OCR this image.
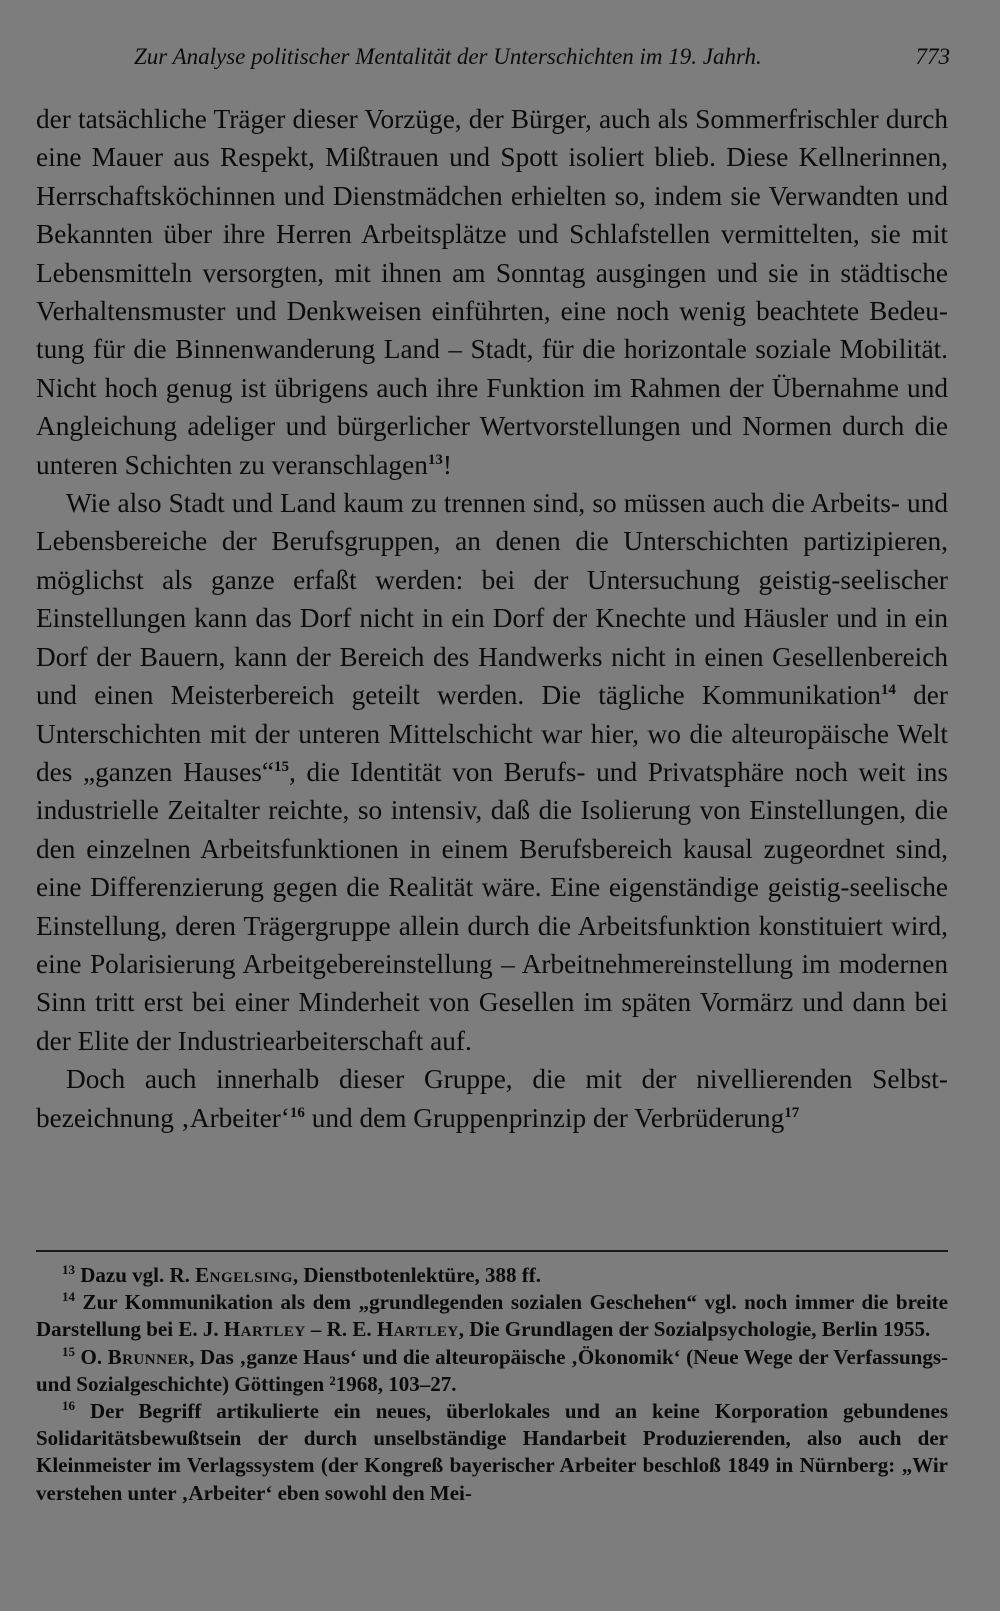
Zur Analyse politischer Mentalität der Unterschichten im 19. Jahrh.	773

der tatsächliche Träger dieser Vorzüge, der Bürger, auch als Sommerfrischler durch eine Mauer aus Respekt, Mißtrauen und Spott isoliert blieb. Diese Kellnerinnen, Herrschaftsköchinnen und Dienstmädchen erhielten so, indem sie Verwandten und Bekannten über ihre Herren Arbeitsplätze und Schlafstellen vermittelten, sie mit Lebensmitteln versorgten, mit ihnen am Sonntag ausgingen und sie in städtische Verhaltensmuster und Denkweisen einführten, eine noch wenig beachtete Bedeutung für die Binnenwanderung Land – Stadt, für die horizontale soziale Mobilität. Nicht hoch genug ist übrigens auch ihre Funktion im Rahmen der Übernahme und Angleichung adeliger und bürgerlicher Wertvorstellungen und Normen durch die unteren Schichten zu veranschlagen$^{13}$!

Wie also Stadt und Land kaum zu trennen sind, so müssen auch die Arbeits- und Lebensbereiche der Berufsgruppen, an denen die Unterschichten partizipieren, möglichst als ganze erfaßt werden: bei der Untersuchung geistig-seelischer Einstellungen kann das Dorf nicht in ein Dorf der Knechte und Häusler und in ein Dorf der Bauern, kann der Bereich des Handwerks nicht in einen Gesellenbereich und einen Meisterbereich geteilt werden. Die tägliche Kommunikation$^{14}$ der Unterschichten mit der unteren Mittelschicht war hier, wo die alteuropäische Welt des „ganzen Hauses“$^{15}$, die Identität von Berufs- und Privatsphäre noch weit ins industrielle Zeitalter reichte, so intensiv, daß die Isolierung von Einstellungen, die den einzelnen Arbeitsfunktionen in einem Berufsbereich kausal zugeordnet sind, eine Differenzierung gegen die Realität wäre. Eine eigenständige geistig-seelische Einstellung, deren Trägergruppe allein durch die Arbeitsfunktion konstituiert wird, eine Polarisierung Arbeitgebereinstellung – Arbeitnehmereinstellung im modernen Sinn tritt erst bei einer Minderheit von Gesellen im späten Vormärz und dann bei der Elite der Industriearbeiterschaft auf.

Doch auch innerhalb dieser Gruppe, die mit der nivellierenden Selbstbezeichnung ‚Arbeiter‘$^{16}$ und dem Gruppenprinzip der Verbrüderung$^{17}$

$^{13}$ Dazu vgl. R. Engelsing, Dienstbotenlektüre, 388 ff.

$^{14}$ Zur Kommunikation als dem „grundlegenden sozialen Geschehen“ vgl. noch immer die breite Darstellung bei E. J. Hartley – R. E. Hartley, Die Grundlagen der Sozialpsychologie, Berlin 1955.

$^{15}$ O. Brunner, Das ‚ganze Haus‘ und die alteuropäische ‚Ökonomik‘ (Neue Wege der Verfassungs- und Sozialgeschichte) Göttingen ²1968, 103–27.

$^{16}$ Der Begriff artikulierte ein neues, überlokales und an keine Korporation gebundenes Solidaritätsbewußtsein der durch unselbständige Handarbeit Produzierenden, also auch der Kleinmeister im Verlagssystem (der Kongreß bayerischer Arbeiter beschloß 1849 in Nürnberg: „Wir verstehen unter ‚Arbeiter‘ eben sowohl den Mei-
